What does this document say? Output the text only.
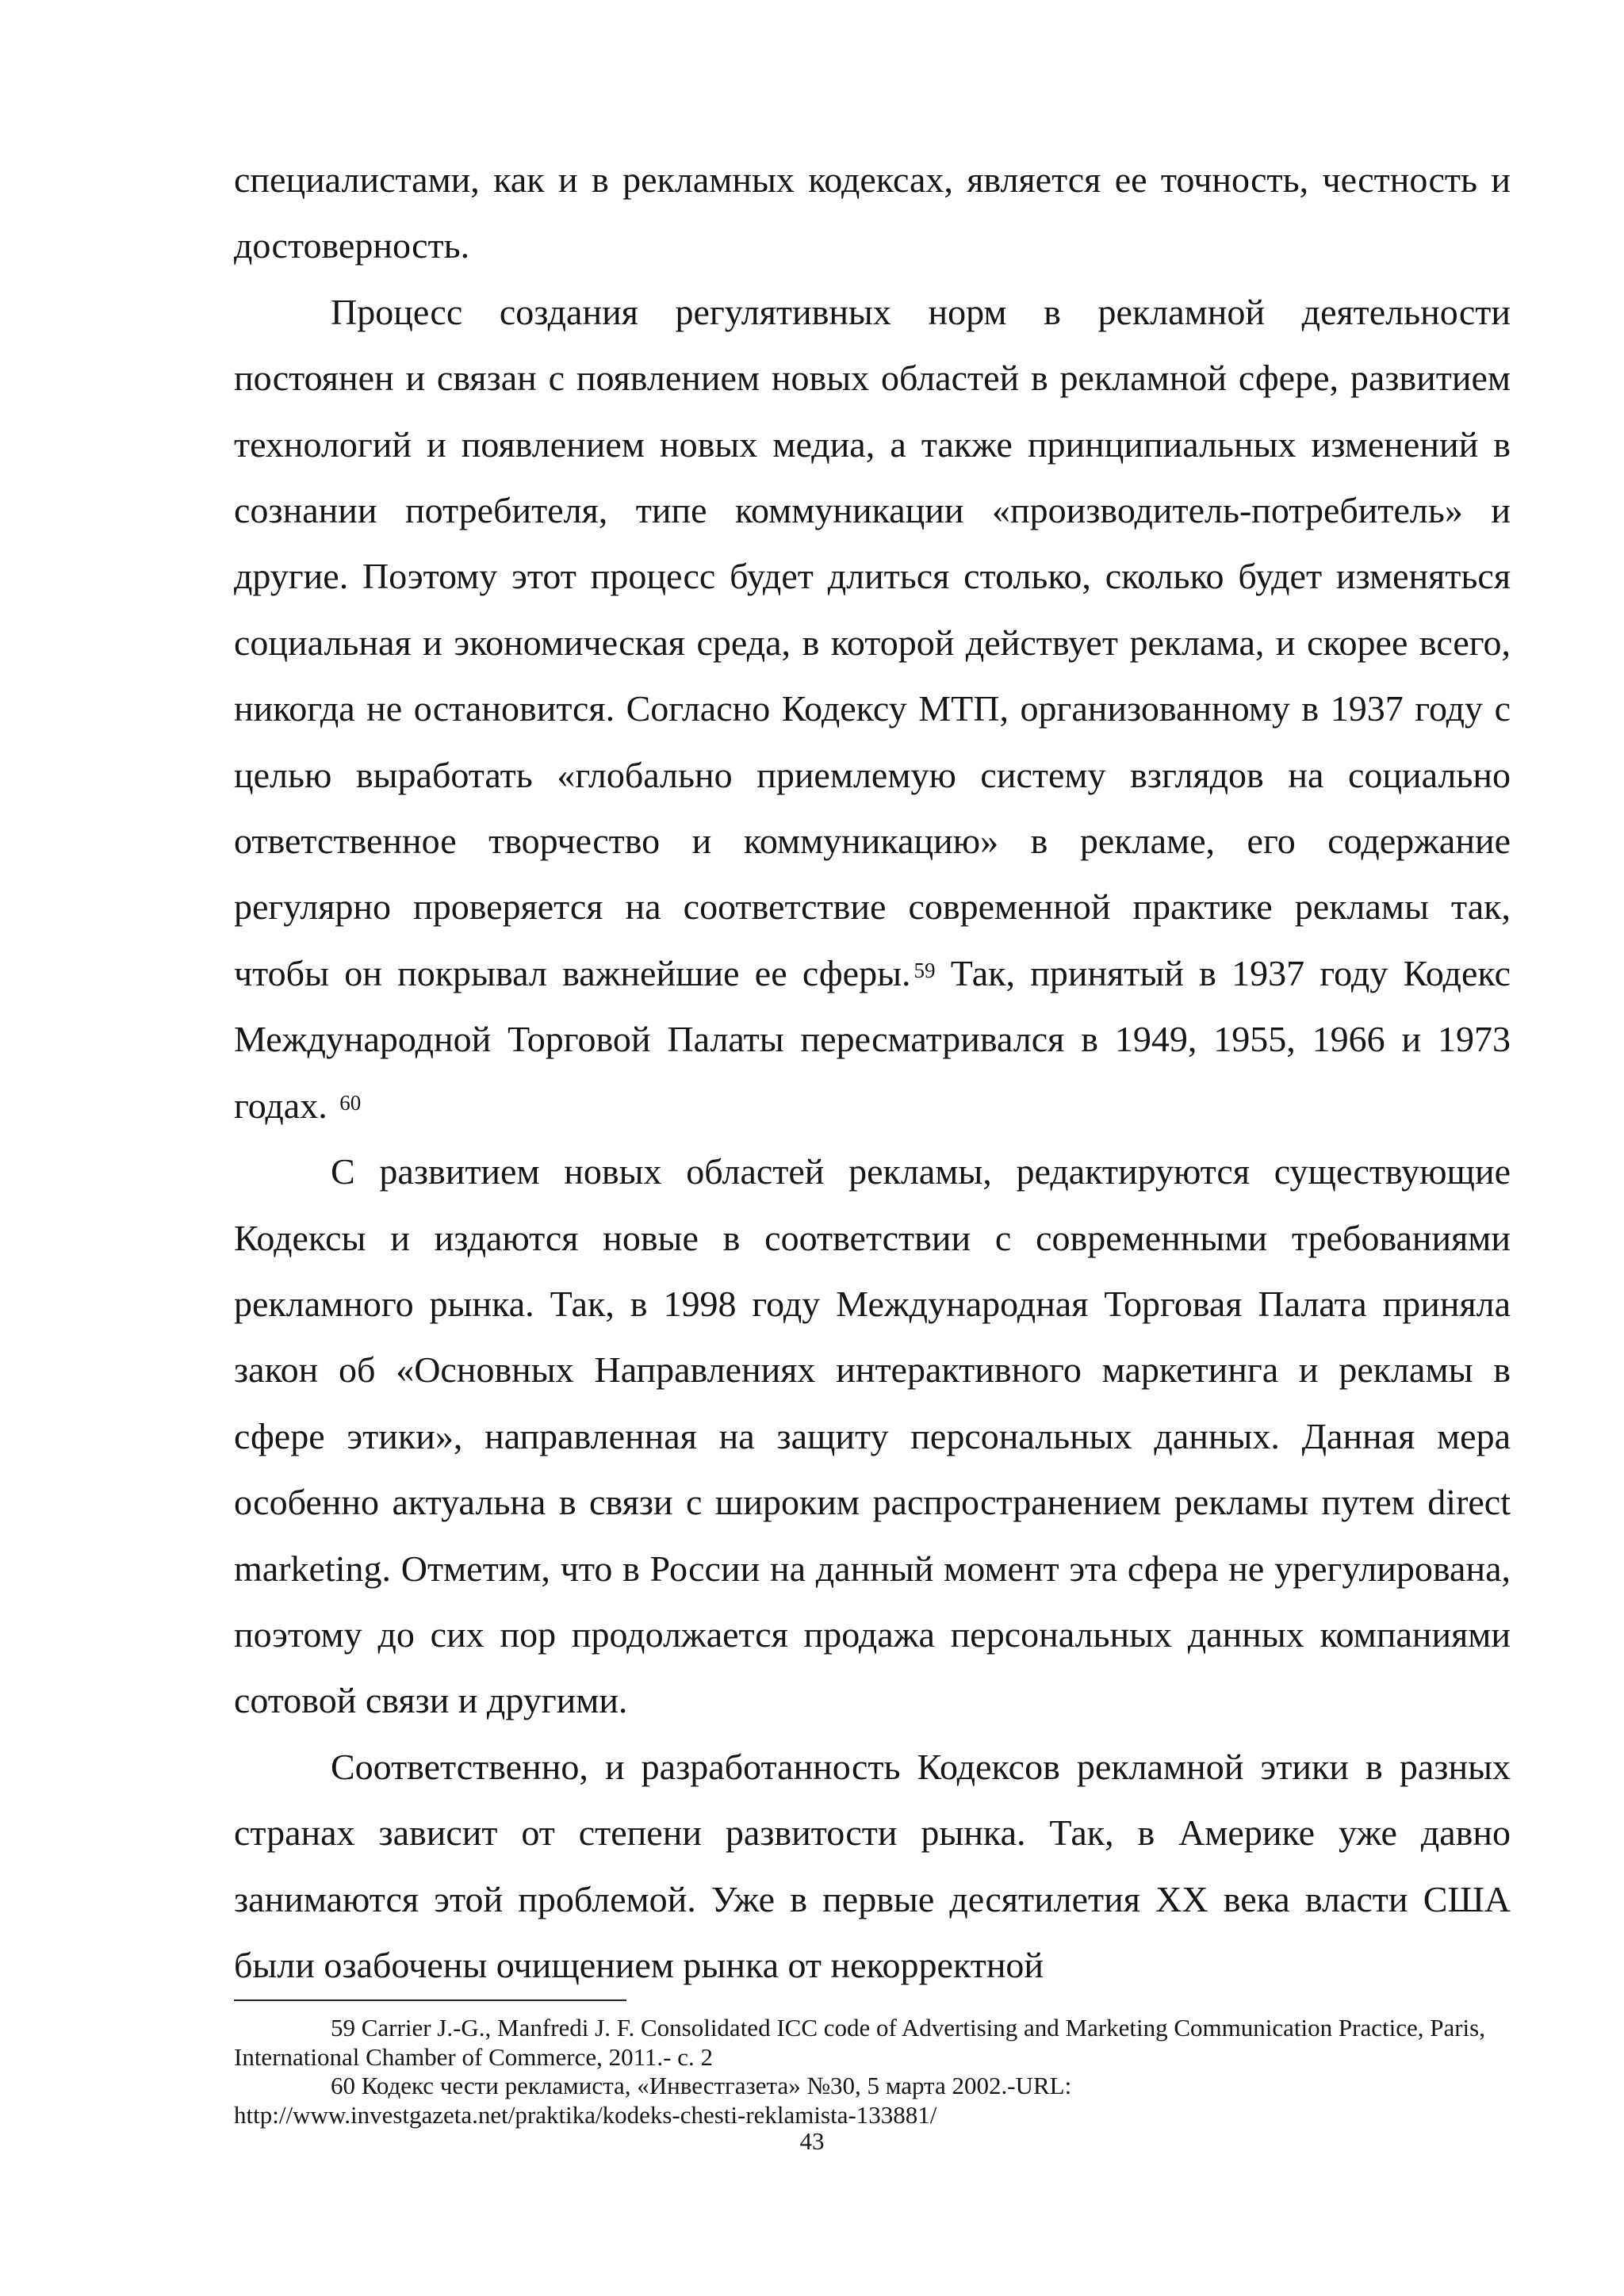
специалистами, как и в рекламных кодексах, является ее точность, честность и достоверность.

Процесс создания регулятивных норм в рекламной деятельности постоянен и связан с появлением новых областей в рекламной сфере, развитием технологий и появлением новых медиа, а также принципиальных изменений в сознании потребителя, типе коммуникации «производитель-потребитель» и другие. Поэтому этот процесс будет длиться столько, сколько будет изменяться социальная и экономическая среда, в которой действует реклама, и скорее всего, никогда не остановится. Согласно Кодексу МТП, организованному в 1937 году с целью выработать «глобально приемлемую систему взглядов на социально ответственное творчество и коммуникацию» в рекламе, его содержание регулярно проверяется на соответствие современной практике рекламы так, чтобы он покрывал важнейшие ее сферы. $^{59}$ Так, принятый в 1937 году Кодекс Международной Торговой Палаты пересматривался в 1949, 1955, 1966 и 1973 годах. $^{60}$

С развитием новых областей рекламы, редактируются существующие Кодексы и издаются новые в соответствии с современными требованиями рекламного рынка. Так, в 1998 году Международная Торговая Палата приняла закон об «Основных Направлениях интерактивного маркетинга и рекламы в сфере этики», направленная на защиту персональных данных. Данная мера особенно актуальна в связи с широким распространением рекламы путем direct marketing. Отметим, что в России на данный момент эта сфера не урегулирована, поэтому до сих пор продолжается продажа персональных данных компаниями сотовой связи и другими.

Соответственно, и разработанность Кодексов рекламной этики в разных странах зависит от степени развитости рынка. Так, в Америке уже давно занимаются этой проблемой. Уже в первые десятилетия XX века власти США были озабочены очищением рынка от некорректной

59 Carrier J.-G., Manfredi J. F. Consolidated ICC code of Advertising and Marketing Communication Practice, Paris, International Chamber of Commerce, 2011.- с. 2

60 Кодекс чести рекламиста, «Инвестгазета» №30, 5 марта 2002.-URL:

http://www.investgazeta.net/praktika/kodeks-chesti-reklamista-133881/

43
